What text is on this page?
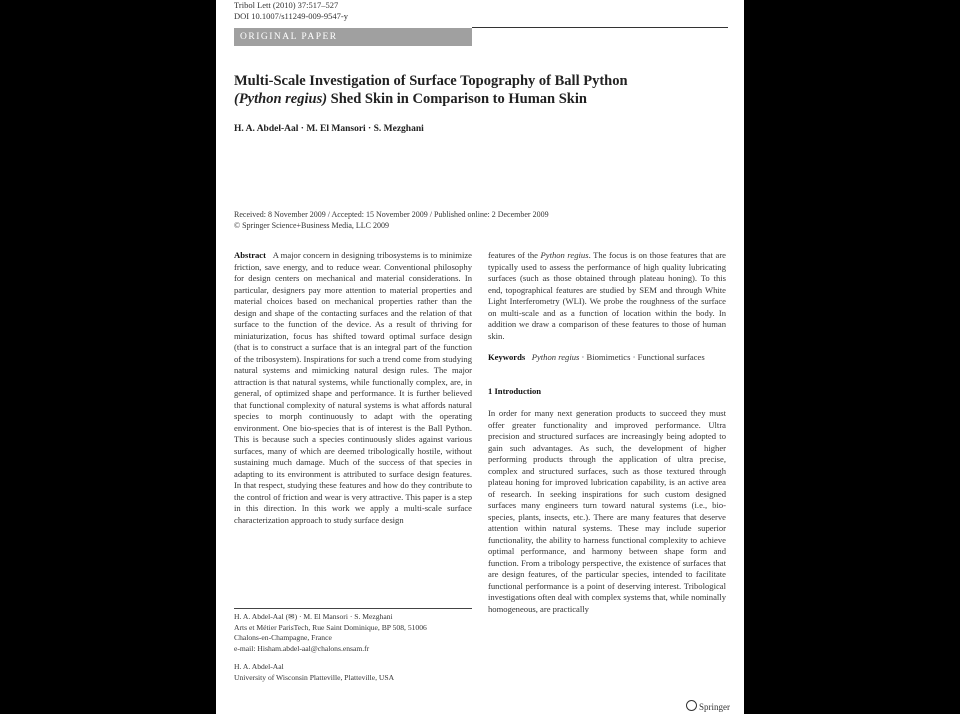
Tribol Lett (2010) 37:517–527
DOI 10.1007/s11249-009-9547-y
ORIGINAL PAPER
Multi-Scale Investigation of Surface Topography of Ball Python
(Python regius) Shed Skin in Comparison to Human Skin
H. A. Abdel-Aal · M. El Mansori · S. Mezghani
Received: 8 November 2009 / Accepted: 15 November 2009 / Published online: 2 December 2009
© Springer Science+Business Media, LLC 2009

Abstract A major concern in designing tribosystems is to minimize friction, save energy, and to reduce wear. Conventional philosophy for design centers on mechanical and material considerations. In particular, designers pay more attention to material properties and material choices based on mechanical properties rather than the design and shape of the contacting surfaces and the relation of that surface to the function of the device. As a result of thriving for miniaturization, focus has shifted toward optimal surface design (that is to construct a surface that is an integral part of the function of the tribosystem). Inspirations for such a trend come from studying natural systems and mimicking natural design rules. The major attraction is that natural systems, while functionally complex, are, in general, of optimized shape and performance. It is further believed that functional complexity of natural systems is what affords natural species to morph continuously to adapt with the operating environment. One bio-species that is of interest is the Ball Python. This is because such a species continuously slides against various surfaces, many of which are deemed tribologically hostile, without sustaining much damage. Much of the success of that species in adapting to its environment is attributed to surface design features. In that respect, studying these features and how do they contribute to the control of friction and wear is very attractive. This paper is a step in this direction. In this work we apply a multi-scale surface characterization approach to study surface design

features of the Python regius. The focus is on those features that are typically used to assess the performance of high quality lubricating surfaces (such as those obtained through plateau honing). To this end, topographical features are studied by SEM and through White Light Interferometry (WLI). We probe the roughness of the surface on multi-scale and as a function of location within the body. In addition we draw a comparison of these features to those of human skin.

Keywords Python regius · Biomimetics · Functional surfaces

1 Introduction

In order for many next generation products to succeed they must offer greater functionality and improved performance. Ultra precision and structured surfaces are increasingly being adopted to gain such advantages. As such, the development of higher performing products through the application of ultra precise, complex and structured surfaces, such as those textured through plateau honing for improved lubrication capability, is an active area of research. In seeking inspirations for such custom designed surfaces many engineers turn toward natural systems (i.e., bio-species, plants, insects, etc.). There are many features that deserve attention within natural systems. These may include superior functionality, the ability to harness functional complexity to achieve optimal performance, and harmony between shape form and function. From a tribology perspective, the existence of surfaces that are design features, of the particular species, intended to facilitate functional performance is a point of deserving interest. Tribological investigations often deal with complex systems that, while nominally homogeneous, are practically

H. A. Abdel-Aal (✉) · M. El Mansori · S. Mezghani

Arts et Métier ParisTech, Rue Saint Dominique, BP 508, 51006

Chalons-en-Champagne, France

e-mail: Hisham.abdel-aal@chalons.ensam.fr

H. A. Abdel-Aal

University of Wisconsin Platteville, Platteville, USA

Springer
